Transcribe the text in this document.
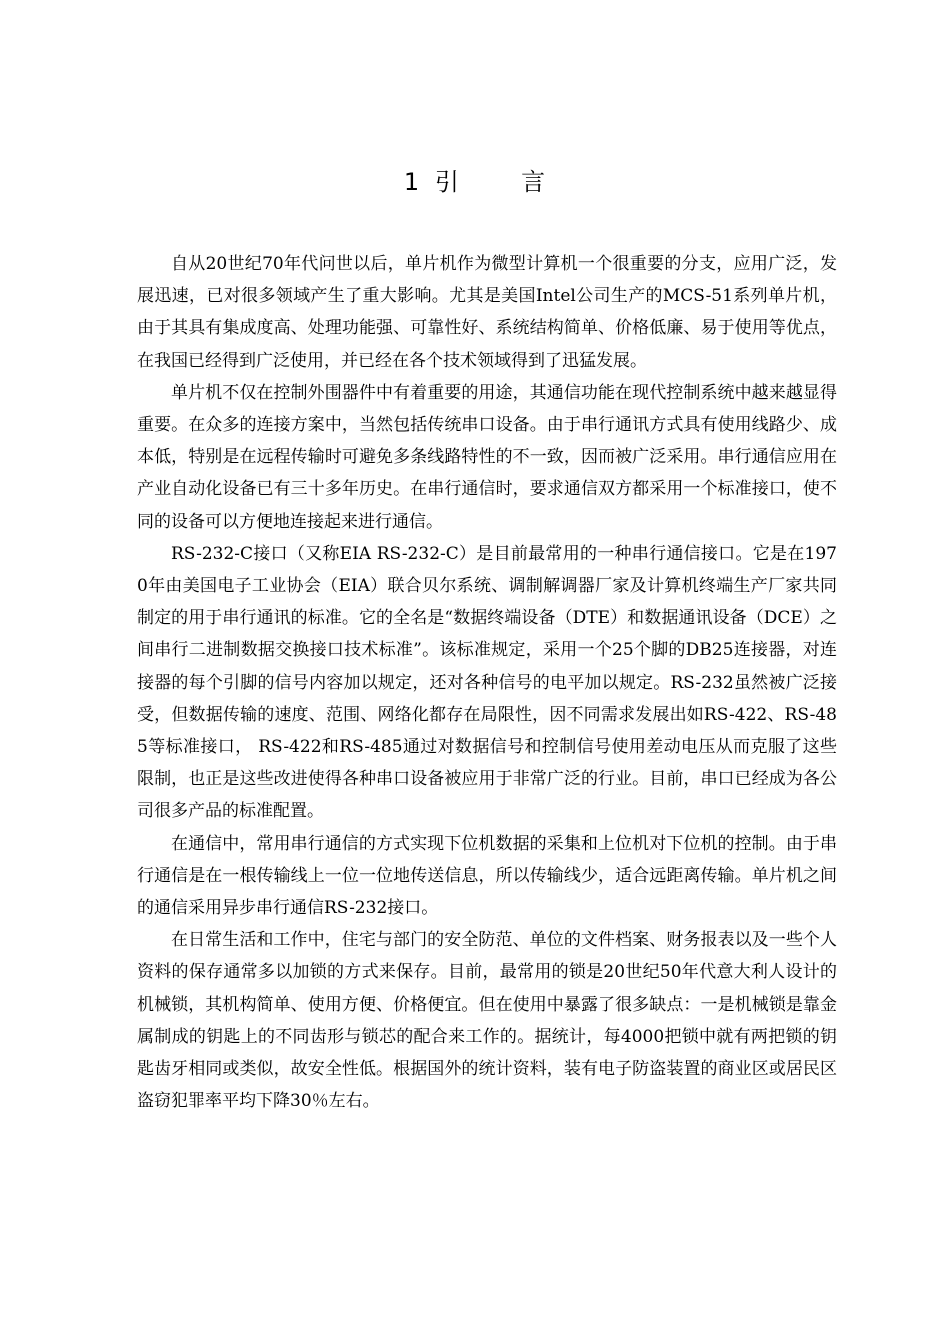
1 引	言

自从20世纪70年代问世以后，单片机作为微型计算机一个很重要的分支，应用广泛，发展迅速，已对很多领域产生了重大影响。尤其是美国Intel公司生产的MCS-51系列单片机，由于其具有集成度高、处理功能强、可靠性好、系统结构简单、价格低廉、易于使用等优点，在我国已经得到广泛使用，并已经在各个技术领域得到了迅猛发展。

单片机不仅在控制外围器件中有着重要的用途，其通信功能在现代控制系统中越来越显得重要。在众多的连接方案中，当然包括传统串口设备。由于串行通讯方式具有使用线路少、成本低，特别是在远程传输时可避免多条线路特性的不一致，因而被广泛采用。串行通信应用在产业自动化设备已有三十多年历史。在串行通信时，要求通信双方都采用一个标准接口，使不同的设备可以方便地连接起来进行通信。

RS-232-C接口（又称EIA RS-232-C）是目前最常用的一种串行通信接口。它是在1970年由美国电子工业协会（EIA）联合贝尔系统、调制解调器厂家及计算机终端生产厂家共同制定的用于串行通讯的标准。它的全名是“数据终端设备（DTE）和数据通讯设备（DCE）之间串行二进制数据交换接口技术标准”。该标准规定，采用一个25个脚的DB25连接器，对连接器的每个引脚的信号内容加以规定，还对各种信号的电平加以规定。RS-232虽然被广泛接受，但数据传输的速度、范围、网络化都存在局限性，因不同需求发展出如RS-422、RS-485等标准接口， RS-422和RS-485通过对数据信号和控制信号使用差动电压从而克服了这些限制，也正是这些改进使得各种串口设备被应用于非常广泛的行业。目前，串口已经成为各公司很多产品的标准配置。

在通信中，常用串行通信的方式实现下位机数据的采集和上位机对下位机的控制。由于串行通信是在一根传输线上一位一位地传送信息，所以传输线少，适合远距离传输。单片机之间的通信采用异步串行通信RS-232接口。

在日常生活和工作中，住宅与部门的安全防范、单位的文件档案、财务报表以及一些个人资料的保存通常多以加锁的方式来保存。目前，最常用的锁是20世纪50年代意大利人设计的机械锁，其机构简单、使用方便、价格便宜。但在使用中暴露了很多缺点：一是机械锁是靠金属制成的钥匙上的不同齿形与锁芯的配合来工作的。据统计，每4000把锁中就有两把锁的钥匙齿牙相同或类似，故安全性低。根据国外的统计资料，装有电子防盗装置的商业区或居民区盗窃犯罪率平均下降30％左右。
